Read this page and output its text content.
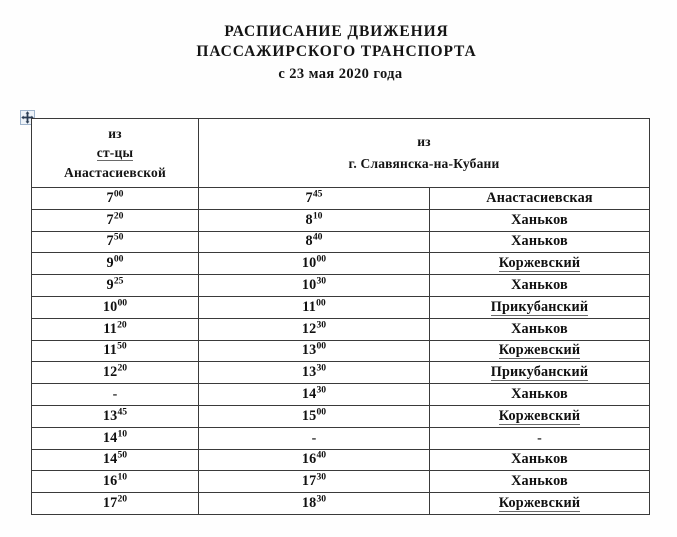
РАСПИСАНИЕ ДВИЖЕНИЯ
ПАССАЖИРСКОГО ТРАНСПОРТА
с 23 мая 2020 года
из
ст-цы
Анастасиевской	из
г. Славянска-на-Кубани	

$7^{00}$	$7^{45}$	Анастасиевская
$7^{20}$	$8^{10}$	Ханьков
$7^{50}$	$8^{40}$	Ханьков
$9^{00}$	$10^{00}$	Коржевский
$9^{25}$	$10^{30}$	Ханьков
$10^{00}$	$11^{00}$	Прикубанский
$11^{20}$	$12^{30}$	Ханьков
$11^{50}$	$13^{00}$	Коржевский
$12^{20}$	$13^{30}$	Прикубанский
-	$14^{30}$	Ханьков
$13^{45}$	$15^{00}$	Коржевский
$14^{10}$	-	-
$14^{50}$	$16^{40}$	Ханьков
$16^{10}$	$17^{30}$	Ханьков
$17^{20}$	$18^{30}$	Коржевский
